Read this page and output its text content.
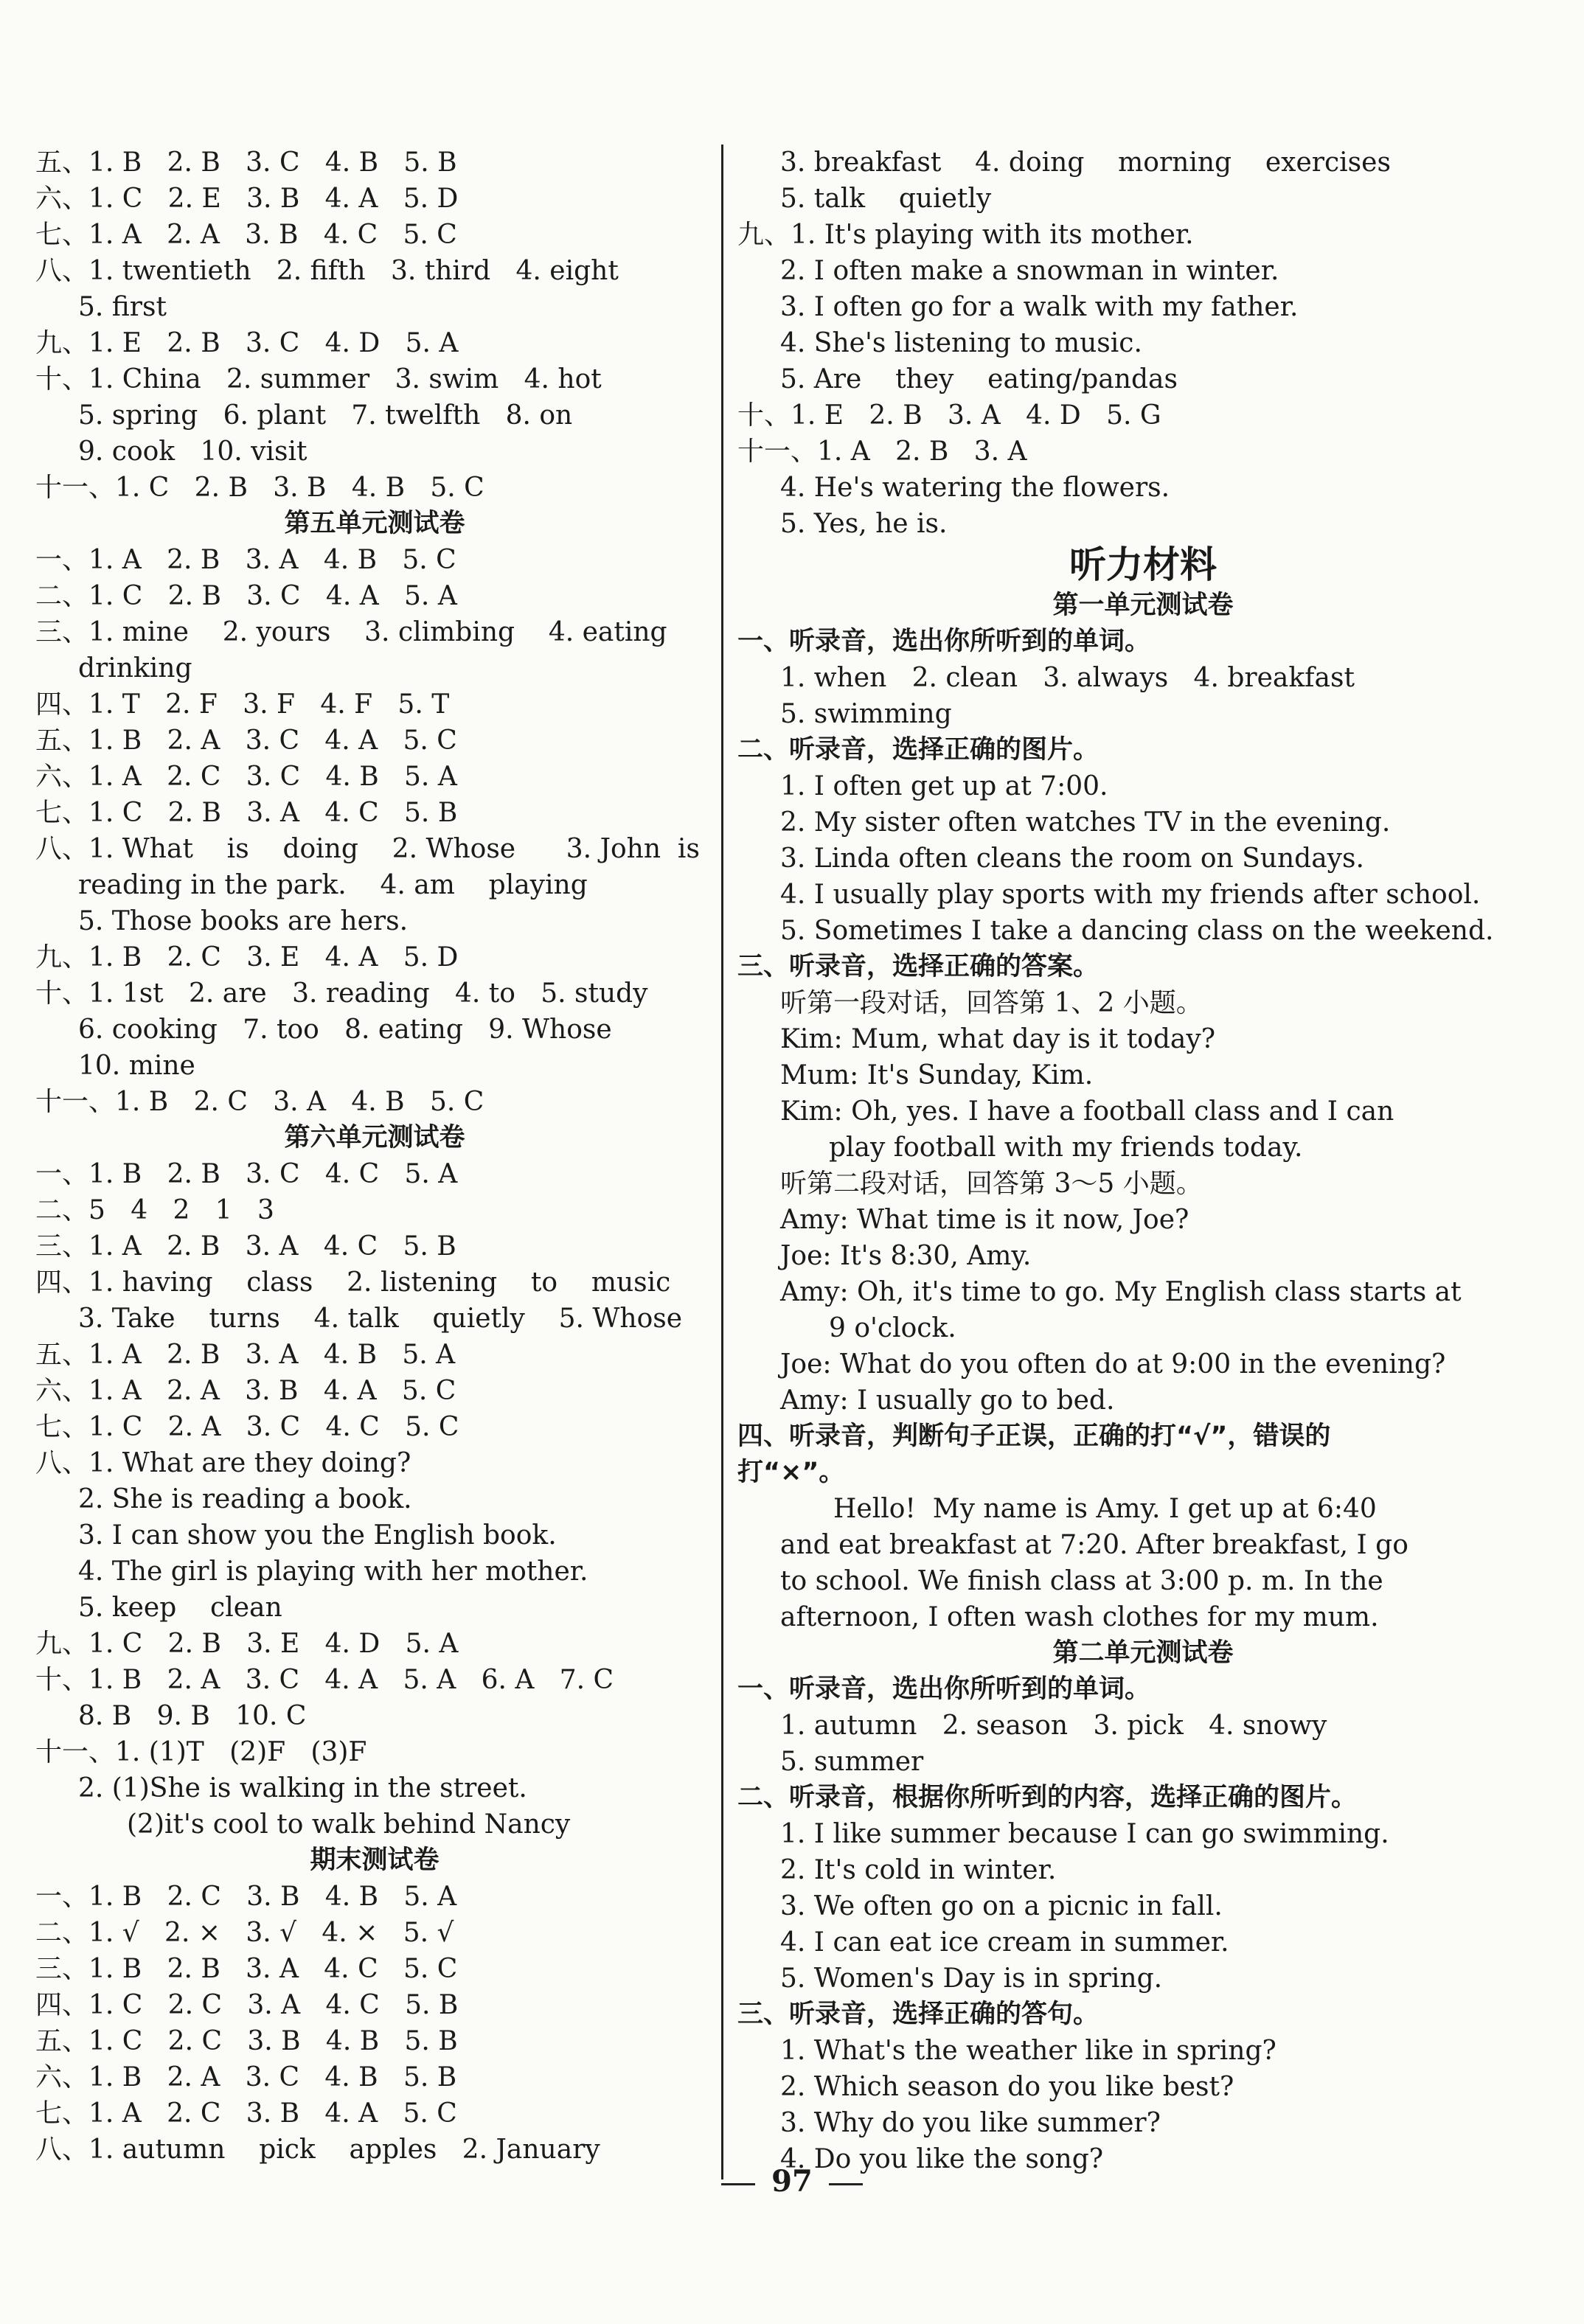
五、1. B   2. B   3. C   4. B   5. B
六、1. C   2. E   3. B   4. A   5. D
七、1. A   2. A   3. B   4. C   5. C
八、1. twentieth   2. fifth   3. third   4. eight
5. first
九、1. E   2. B   3. C   4. D   5. A
十、1. China   2. summer   3. swim   4. hot
5. spring   6. plant   7. twelfth   8. on
9. cook   10. visit
十一、1. C   2. B   3. B   4. B   5. C
第五单元测试卷
一、1. A   2. B   3. A   4. B   5. C
二、1. C   2. B   3. C   4. A   5. A
三、1. mine    2. yours    3. climbing    4. eating
drinking
四、1. T   2. F   3. F   4. F   5. T
五、1. B   2. A   3. C   4. A   5. C
六、1. A   2. C   3. C   4. B   5. A
七、1. C   2. B   3. A   4. C   5. B
八、1. What    is    doing    2. Whose      3. John  is
reading in the park.    4. am    playing
5. Those books are hers.
九、1. B   2. C   3. E   4. A   5. D
十、1. 1st   2. are   3. reading   4. to   5. study
6. cooking   7. too   8. eating   9. Whose
10. mine
十一、1. B   2. C   3. A   4. B   5. C
第六单元测试卷
一、1. B   2. B   3. C   4. C   5. A
二、5   4   2   1   3
三、1. A   2. B   3. A   4. C   5. B
四、1. having    class    2. listening    to    music
3. Take    turns    4. talk    quietly    5. Whose
五、1. A   2. B   3. A   4. B   5. A
六、1. A   2. A   3. B   4. A   5. C
七、1. C   2. A   3. C   4. C   5. C
八、1. What are they doing?
2. She is reading a book.
3. I can show you the English book.
4. The girl is playing with her mother.
5. keep    clean
九、1. C   2. B   3. E   4. D   5. A
十、1. B   2. A   3. C   4. A   5. A   6. A   7. C
8. B   9. B   10. C
十一、1. (1)T   (2)F   (3)F
2. (1)She is walking in the street.
(2)it's cool to walk behind Nancy
期末测试卷
一、1. B   2. C   3. B   4. B   5. A
二、1. √   2. ×   3. √   4. ×   5. √
三、1. B   2. B   3. A   4. C   5. C
四、1. C   2. C   3. A   4. C   5. B
五、1. C   2. C   3. B   4. B   5. B
六、1. B   2. A   3. C   4. B   5. B
七、1. A   2. C   3. B   4. A   5. C
八、1. autumn    pick    apples   2. January
3. breakfast    4. doing    morning    exercises
5. talk    quietly
九、1. It's playing with its mother.
2. I often make a snowman in winter.
3. I often go for a walk with my father.
4. She's listening to music.
5. Are    they    eating/pandas
十、1. E   2. B   3. A   4. D   5. G
十一、1. A   2. B   3. A
4. He's watering the flowers.
5. Yes, he is.
听力材料
第一单元测试卷
一、听录音，选出你所听到的单词。
1. when   2. clean   3. always   4. breakfast
5. swimming
二、听录音，选择正确的图片。
1. I often get up at 7:00.
2. My sister often watches TV in the evening.
3. Linda often cleans the room on Sundays.
4. I usually play sports with my friends after school.
5. Sometimes I take a dancing class on the weekend.
三、听录音，选择正确的答案。
听第一段对话，回答第 1、2 小题。
Kim: Mum, what day is it today?
Mum: It's Sunday, Kim.
Kim: Oh, yes. I have a football class and I can
play football with my friends today.
听第二段对话，回答第 3～5 小题。
Amy: What time is it now, Joe?
Joe: It's 8:30, Amy.
Amy: Oh, it's time to go. My English class starts at
9 o'clock.
Joe: What do you often do at 9:00 in the evening?
Amy: I usually go to bed.
四、听录音，判断句子正误，正确的打“√”，错误的
打“×”。
Hello!  My name is Amy. I get up at 6:40
and eat breakfast at 7:20. After breakfast, I go
to school. We finish class at 3:00 p. m. In the
afternoon, I often wash clothes for my mum.
第二单元测试卷
一、听录音，选出你所听到的单词。
1. autumn   2. season   3. pick   4. snowy
5. summer
二、听录音，根据你所听到的内容，选择正确的图片。
1. I like summer because I can go swimming.
2. It's cold in winter.
3. We often go on a picnic in fall.
4. I can eat ice cream in summer.
5. Women's Day is in spring.
三、听录音，选择正确的答句。
1. What's the weather like in spring?
2. Which season do you like best?
3. Why do you like summer?
4. Do you like the song?
97
